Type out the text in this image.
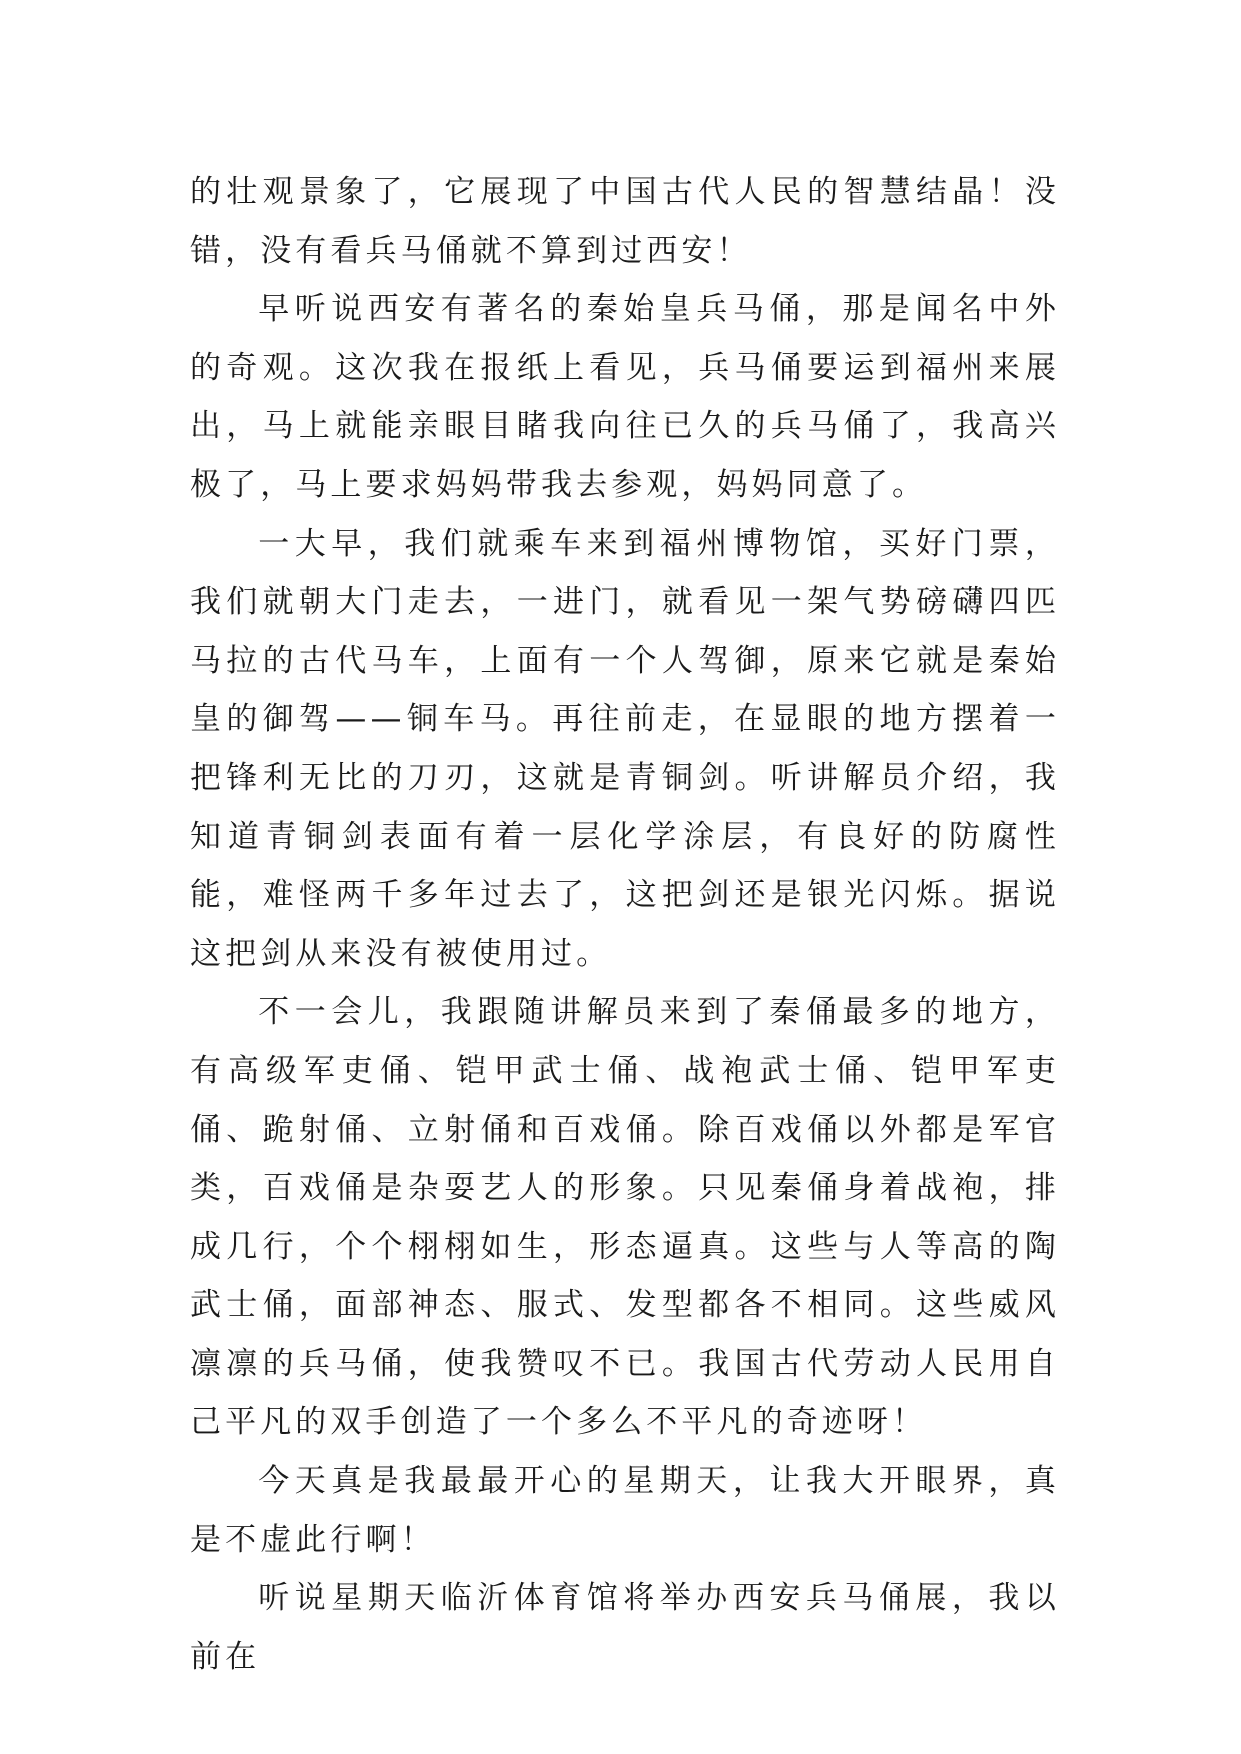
的壮观景象了，它展现了中国古代人民的智慧结晶！没错，没有看兵马俑就不算到过西安！

早听说西安有著名的秦始皇兵马俑，那是闻名中外的奇观。这次我在报纸上看见，兵马俑要运到福州来展出，马上就能亲眼目睹我向往已久的兵马俑了，我高兴极了，马上要求妈妈带我去参观，妈妈同意了。

一大早，我们就乘车来到福州博物馆，买好门票，我们就朝大门走去，一进门，就看见一架气势磅礴四匹马拉的古代马车，上面有一个人驾御，原来它就是秦始皇的御驾——铜车马。再往前走，在显眼的地方摆着一把锋利无比的刀刃，这就是青铜剑。听讲解员介绍，我知道青铜剑表面有着一层化学涂层，有良好的防腐性能，难怪两千多年过去了，这把剑还是银光闪烁。据说这把剑从来没有被使用过。

不一会儿，我跟随讲解员来到了秦俑最多的地方，有高级军吏俑、铠甲武士俑、战袍武士俑、铠甲军吏俑、跪射俑、立射俑和百戏俑。除百戏俑以外都是军官类，百戏俑是杂耍艺人的形象。只见秦俑身着战袍，排成几行，个个栩栩如生，形态逼真。这些与人等高的陶武士俑，面部神态、服式、发型都各不相同。这些威风凛凛的兵马俑，使我赞叹不已。我国古代劳动人民用自己平凡的双手创造了一个多么不平凡的奇迹呀！

今天真是我最最开心的星期天，让我大开眼界，真是不虚此行啊！

听说星期天临沂体育馆将举办西安兵马俑展，我以前在
